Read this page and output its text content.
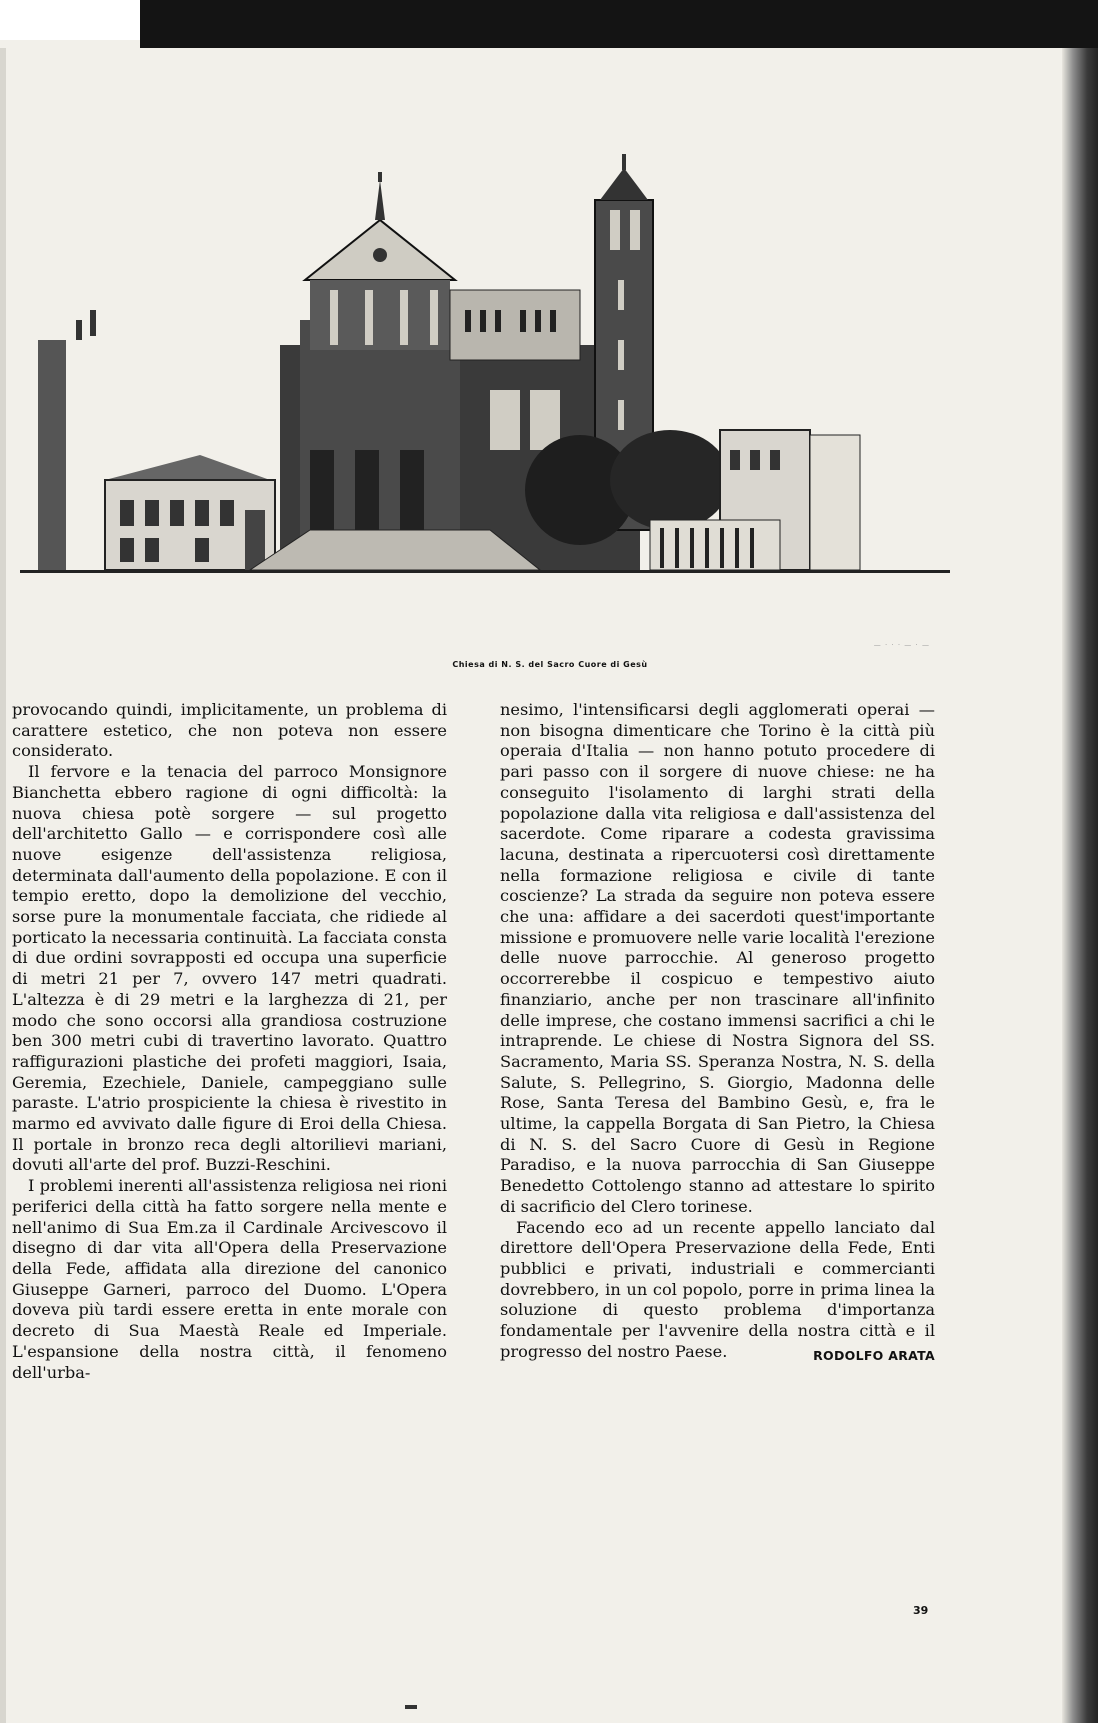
— · · · — · —
Chiesa di N. S. del Sacro Cuore di Gesù

provocando quindi, implicitamente, un problema di carattere estetico, che non poteva non essere considerato.

Il fervore e la tenacia del parroco Monsignore Bianchetta ebbero ragione di ogni difficoltà: la nuova chiesa potè sorgere — sul progetto dell'architetto Gallo — e corrispondere così alle nuove esigenze dell'assistenza religiosa, determinata dall'aumento della popolazione. E con il tempio eretto, dopo la demolizione del vecchio, sorse pure la monumentale facciata, che ridiede al porticato la necessaria continuità. La facciata consta di due ordini sovrapposti ed occupa una superficie di metri 21 per 7, ovvero 147 metri quadrati. L'altezza è di 29 metri e la larghezza di 21, per modo che sono occorsi alla grandiosa costruzione ben 300 metri cubi di travertino lavorato. Quattro raffigurazioni plastiche dei profeti maggiori, Isaia, Geremia, Ezechiele, Daniele, campeggiano sulle paraste. L'atrio prospiciente la chiesa è rivestito in marmo ed avvivato dalle figure di Eroi della Chiesa. Il portale in bronzo reca degli altorilievi mariani, dovuti all'arte del prof. Buzzi-Reschini.

I problemi inerenti all'assistenza religiosa nei rioni periferici della città ha fatto sorgere nella mente e nell'animo di Sua Em.za il Cardinale Arcivescovo il disegno di dar vita all'Opera della Preservazione della Fede, affidata alla direzione del canonico Giuseppe Garneri, parroco del Duomo. L'Opera doveva più tardi essere eretta in ente morale con decreto di Sua Maestà Reale ed Imperiale. L'espansione della nostra città, il fenomeno dell'urba-

nesimo, l'intensificarsi degli agglomerati operai — non bisogna dimenticare che Torino è la città più operaia d'Italia — non hanno potuto procedere di pari passo con il sorgere di nuove chiese: ne ha conseguito l'isolamento di larghi strati della popolazione dalla vita religiosa e dall'assistenza del sacerdote. Come riparare a codesta gravissima lacuna, destinata a ripercuotersi così direttamente nella formazione religiosa e civile di tante coscienze? La strada da seguire non poteva essere che una: affidare a dei sacerdoti quest'importante missione e promuovere nelle varie località l'erezione delle nuove parrocchie. Al generoso progetto occorrerebbe il cospicuo e tempestivo aiuto finanziario, anche per non trascinare all'infinito delle imprese, che costano immensi sacrifici a chi le intraprende. Le chiese di Nostra Signora del SS. Sacramento, Maria SS. Speranza Nostra, N. S. della Salute, S. Pellegrino, S. Giorgio, Madonna delle Rose, Santa Teresa del Bambino Gesù, e, fra le ultime, la cappella Borgata di San Pietro, la Chiesa di N. S. del Sacro Cuore di Gesù in Regione Paradiso, e la nuova parrocchia di San Giuseppe Benedetto Cottolengo stanno ad attestare lo spirito di sacrificio del Clero torinese.

Facendo eco ad un recente appello lanciato dal direttore dell'Opera Preservazione della Fede, Enti pubblici e privati, industriali e commercianti dovrebbero, in un col popolo, porre in prima linea la soluzione di questo problema d'importanza fondamentale per l'avvenire della nostra città e il progresso del nostro Paese.	RODOLFO ARATA

39
